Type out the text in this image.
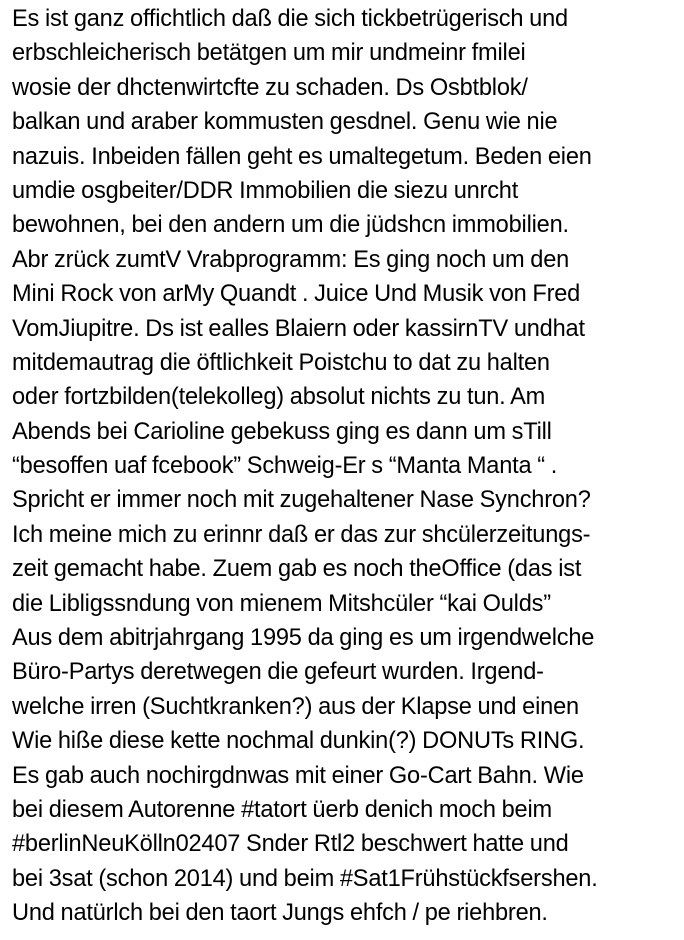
Es ist ganz offichtlich daß die sich tickbetrügerisch und
erbschleicherisch betätgen um mir undmeinr fmilei
wosie der dhctenwirtcfte zu schaden. Ds Osbtblok/
balkan und araber kommusten gesdnel. Genu wie nie
nazuis. Inbeiden fällen geht es umaltegetum. Beden eien
umdie osgbeiter/DDR Immobilien die siezu unrcht
bewohnen, bei den andern um die jüdshcn immobilien.
Abr zrück zumtV Vrabprogramm: Es ging noch um den
Mini Rock von arMy Quandt . Juice Und Musik von Fred
VomJiupitre. Ds ist ealles Blaiern oder kassirnTV undhat
mitdemautrag die öftlichkeit Poistchu to dat zu halten
oder fortzbilden(telekolleg) absolut nichts zu tun. Am
Abends bei Carioline gebekuss ging es dann um sTill
“besoffen uaf fcebook” Schweig-Er s “Manta Manta “ .
Spricht er immer noch mit zugehaltener Nase Synchron?
Ich meine mich zu erinnr daß er das zur shcülerzeitungs-
zeit gemacht habe. Zuem gab es noch theOffice (das ist
die Libligssndung von mienem Mitshcüler “kai Oulds”
Aus dem abitrjahrgang 1995 da ging es um irgendwelche
Büro-Partys deretwegen die gefeurt wurden. Irgend-
welche irren (Suchtkranken?) aus der Klapse und einen
Wie hiße diese kette nochmal dunkin(?) DONUTs RING.
Es gab auch nochirgdnwas mit einer Go-Cart Bahn. Wie
bei diesem Autorenne #tatort üerb denich moch beim
#berlinNeuKölln02407 Snder Rtl2 beschwert hatte und
bei 3sat (schon 2014) und beim #Sat1Frühstückfsershen.
Und natürlch bei den taort Jungs ehfch / pe riehbren.
